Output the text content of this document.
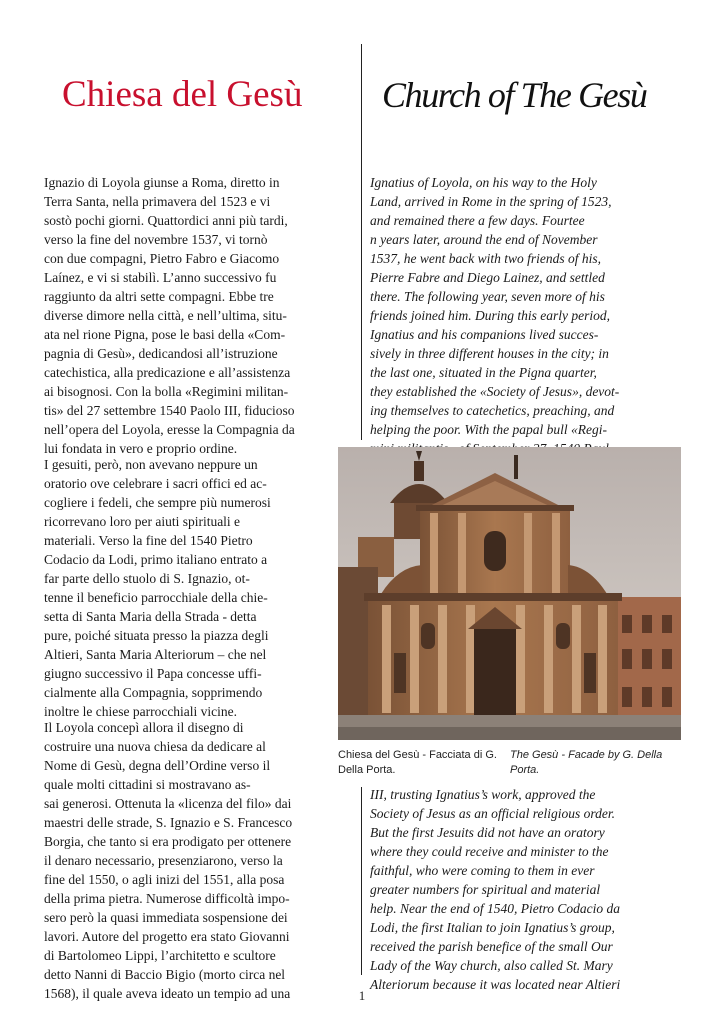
Chiesa del Gesù	Church of The Gesù
Ignazio di Loyola giunse a Roma, diretto in
Terra Santa, nella primavera del 1523 e vi
sostò pochi giorni. Quattordici anni più tardi,
verso la fine del novembre 1537, vi tornò
con due compagni, Pietro Fabro e Giacomo
Laínez, e vi si stabilì. L’anno successivo fu
raggiunto da altri sette compagni. Ebbe tre
diverse dimore nella città, e nell’ultima, situ-
ata nel rione Pigna, pose le basi della «Com-
pagnia di Gesù», dedicandosi all’istruzione
catechistica, alla predicazione e all’assistenza
ai bisognosi. Con la bolla «Regimini militan-
tis» del 27 settembre 1540 Paolo III, fiducioso
nell’opera del Loyola, eresse la Compagnia da
lui fondata in vero e proprio ordine.
I gesuiti, però, non avevano neppure un
oratorio ove celebrare i sacri offici ed ac-
cogliere i fedeli, che sempre più numerosi
ricorrevano loro per aiuti spirituali e
materiali. Verso la fine del 1540 Pietro
Codacio da Lodi, primo italiano entrato a
far parte dello stuolo di S. Ignazio, ot-
tenne il beneficio parrocchiale della chie-
setta di Santa Maria della Strada - detta
pure, poiché situata presso la piazza degli
Altieri, Santa Maria Alteriorum – che nel
giugno successivo il Papa concesse uffi-
cialmente alla Compagnia, sopprimendo
inoltre le chiese parrocchiali vicine.
Il Loyola concepì allora il disegno di
costruire una nuova chiesa da dedicare al
Nome di Gesù, degna dell’Ordine verso il
quale molti cittadini si mostravano as-
sai generosi. Ottenuta la «licenza del filo» dai
maestri delle strade, S. Ignazio e S. Francesco
Borgia, che tanto si era prodigato per ottenere
il denaro necessario, presenziarono, verso la
fine del 1550, o agli inizi del 1551, alla posa
della prima pietra. Numerose difficoltà impo-
sero però la quasi immediata sospensione dei
lavori. Autore del progetto era stato Giovanni
di Bartolomeo Lippi, l’architetto e scultore
detto Nanni di Baccio Bigio (morto circa nel
1568), il quale aveva ideato un tempio ad una
Ignatius of Loyola, on his way to the Holy
Land, arrived in Rome in the spring of 1523,
and remained there a few days. Fourtee
n years later, around the end of November
1537, he went back with two friends of his,
Pierre Fabre and Diego Lainez, and settled
there. The following year, seven more of his
friends joined him. During this early period,
Ignatius and his companions lived succes-
sively in three different houses in the city; in
the last one, situated in the Pigna quarter,
they established the «Society of Jesus», devot-
ing themselves to catechetics, preaching, and
helping the poor. With the papal bull «Regi-
III, trusting Ignatius’s work, approved the
Society of Jesus as an official religious order.
But the first Jesuits did not have an oratory
where they could receive and minister to the
faithful, who were coming to them in ever
greater numbers for spiritual and material
help. Near the end of 1540, Pietro Codacio da
Lodi, the first Italian to join Ignatius’s group,
received the parish benefice of the small Our
Lady of the Way church, also called St. Mary
Alteriorum because it was located near Altieri
Chiesa del Gesù - Facciata di G. Della Porta.
The Gesù - Facade by G. Della Porta.
1
